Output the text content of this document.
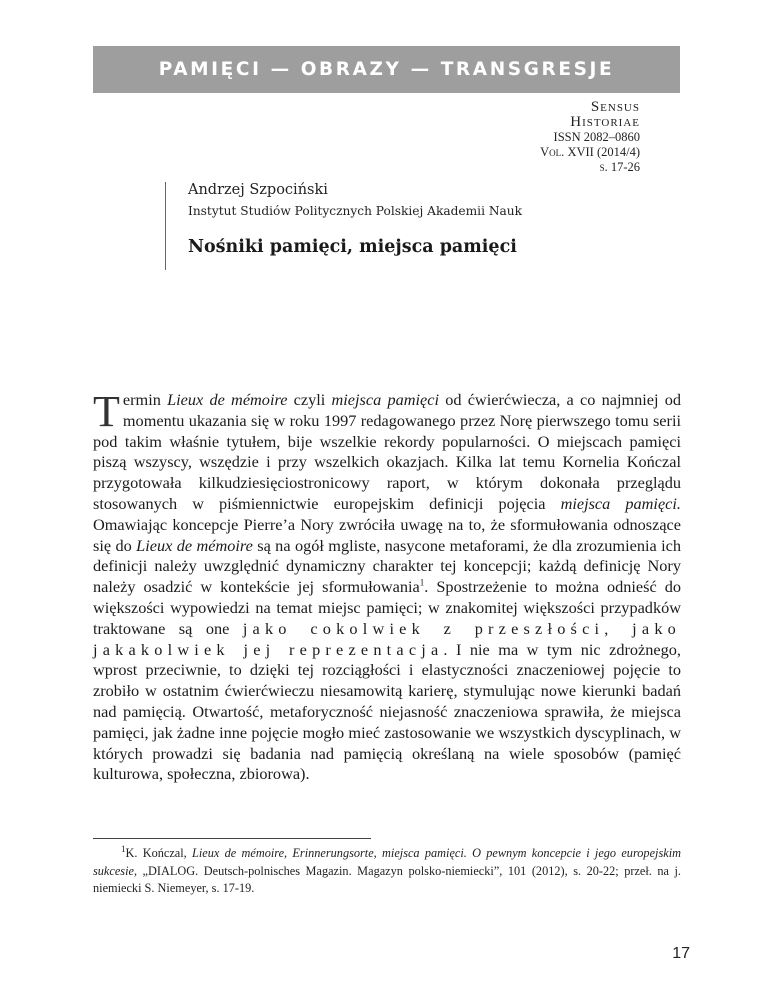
PAMIĘCI — OBRAZY — TRANSGRESJE
Sensus
Historiae
ISSN 2082–0860
Vol. XVII (2014/4)
s. 17-26
Andrzej Szpociński
Instytut Studiów Politycznych Polskiej Akademii Nauk
Nośniki pamięci, miejsca pamięci

Termin Lieux de mémoire czyli miejsca pamięci od ćwierćwiecza, a co najmniej od momentu ukazania się w roku 1997 redagowanego przez Norę pierwszego tomu serii pod takim właśnie tytułem, bije wszelkie rekordy popularności. O miejscach pamięci piszą wszyscy, wszędzie i przy wszelkich okazjach. Kilka lat temu Kornelia Kończal przygotowała kilkudziesięciostronicowy raport, w którym dokonała przeglądu stosowanych w piśmiennictwie europejskim definicji pojęcia miejsca pamięci. Omawiając koncepcje Pierre’a Nory zwróciła uwagę na to, że sformułowania odnoszące się do Lieux de mémoire są na ogół mgliste, nasycone metaforami, że dla zrozumienia ich definicji należy uwzględnić dynamiczny charakter tej koncepcji; każdą definicję Nory należy osadzić w kontekście jej sformułowania$^1$. Spostrzeżenie to można odnieść do większości wypowiedzi na temat miejsc pamięci; w znakomitej większości przypadków traktowane są one jako cokolwiek z przeszłości, jako jakakolwiek jej reprezentacja. I nie ma w tym nic zdrożnego, wprost przeciwnie, to dzięki tej rozciągłości i elastyczności znaczeniowej pojęcie to zrobiło w ostatnim ćwierćwieczu niesamowitą karierę, stymulując nowe kierunki badań nad pamięcią. Otwartość, metaforyczność niejasność znaczeniowa sprawiła, że miejsca pamięci, jak żadne inne pojęcie mogło mieć zastosowanie we wszystkich dyscyplinach, w których prowadzi się badania nad pamięcią określaną na wiele sposobów (pamięć kulturowa, społeczna, zbiorowa).

$^1$K. Kończal, Lieux de mémoire, Erinnerungsorte, miejsca pamięci. O pewnym koncepcie i jego europejskim sukcesie, „DIALOG. Deutsch-polnisches Magazin. Magazyn polsko-niemiecki”, 101 (2012), s. 20-22; przeł. na j. niemiecki S. Niemeyer, s. 17-19.

17
